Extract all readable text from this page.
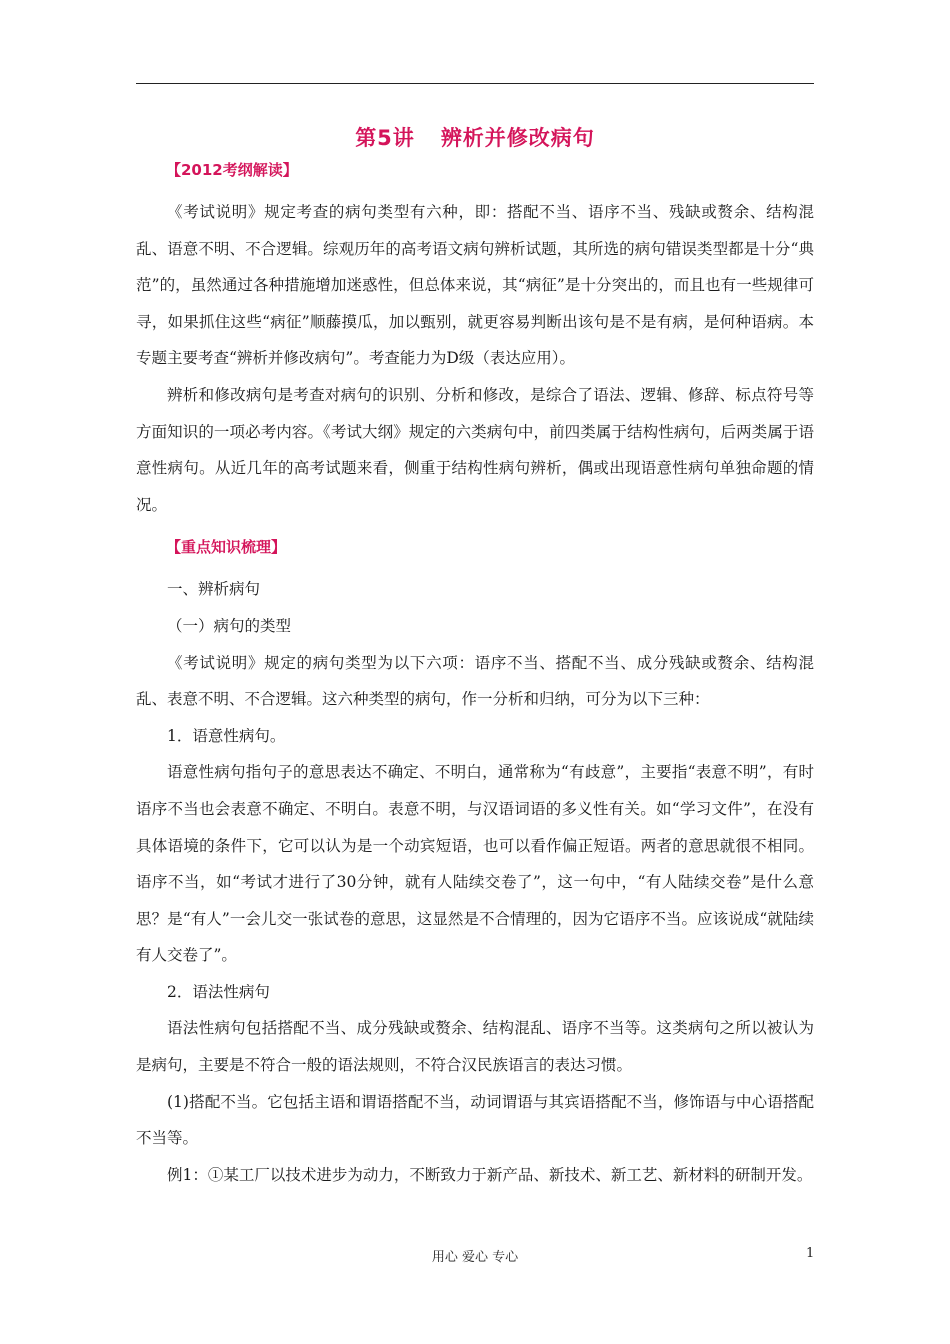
第5讲 辨析并修改病句
【2012考纲解读】

《考试说明》规定考查的病句类型有六种，即：搭配不当、语序不当、残缺或赘余、结构混乱、语意不明、不合逻辑。综观历年的高考语文病句辨析试题，其所选的病句错误类型都是十分“典范”的，虽然通过各种措施增加迷惑性，但总体来说，其“病征”是十分突出的，而且也有一些规律可寻，如果抓住这些“病征”顺藤摸瓜，加以甄别，就更容易判断出该句是不是有病，是何种语病。本专题主要考查“辨析并修改病句”。考查能力为D级（表达应用）。

辨析和修改病句是考查对病句的识别、分析和修改，是综合了语法、逻辑、修辞、标点符号等方面知识的一项必考内容。《考试大纲》规定的六类病句中，前四类属于结构性病句，后两类属于语意性病句。从近几年的高考试题来看，侧重于结构性病句辨析，偶或出现语意性病句单独命题的情况。

【重点知识梳理】

一、辨析病句

（一）病句的类型

《考试说明》规定的病句类型为以下六项：语序不当、搭配不当、成分残缺或赘余、结构混乱、表意不明、不合逻辑。这六种类型的病句，作一分析和归纳，可分为以下三种：

1．语意性病句。

语意性病句指句子的意思表达不确定、不明白，通常称为“有歧意”，主要指“表意不明”，有时语序不当也会表意不确定、不明白。表意不明，与汉语词语的多义性有关。如“学习文件”，在没有具体语境的条件下，它可以认为是一个动宾短语，也可以看作偏正短语。两者的意思就很不相同。语序不当，如“考试才进行了30分钟，就有人陆续交卷了”，这一句中，“有人陆续交卷”是什么意思？是“有人”一会儿交一张试卷的意思，这显然是不合情理的，因为它语序不当。应该说成“就陆续有人交卷了”。

2．语法性病句

语法性病句包括搭配不当、成分残缺或赘余、结构混乱、语序不当等。这类病句之所以被认为是病句，主要是不符合一般的语法规则，不符合汉民族语言的表达习惯。

(1)搭配不当。它包括主语和谓语搭配不当，动词谓语与其宾语搭配不当，修饰语与中心语搭配不当等。

例1：①某工厂以技术进步为动力，不断致力于新产品、新技术、新工艺、新材料的研制开发。

用心 爱心 专心	1
